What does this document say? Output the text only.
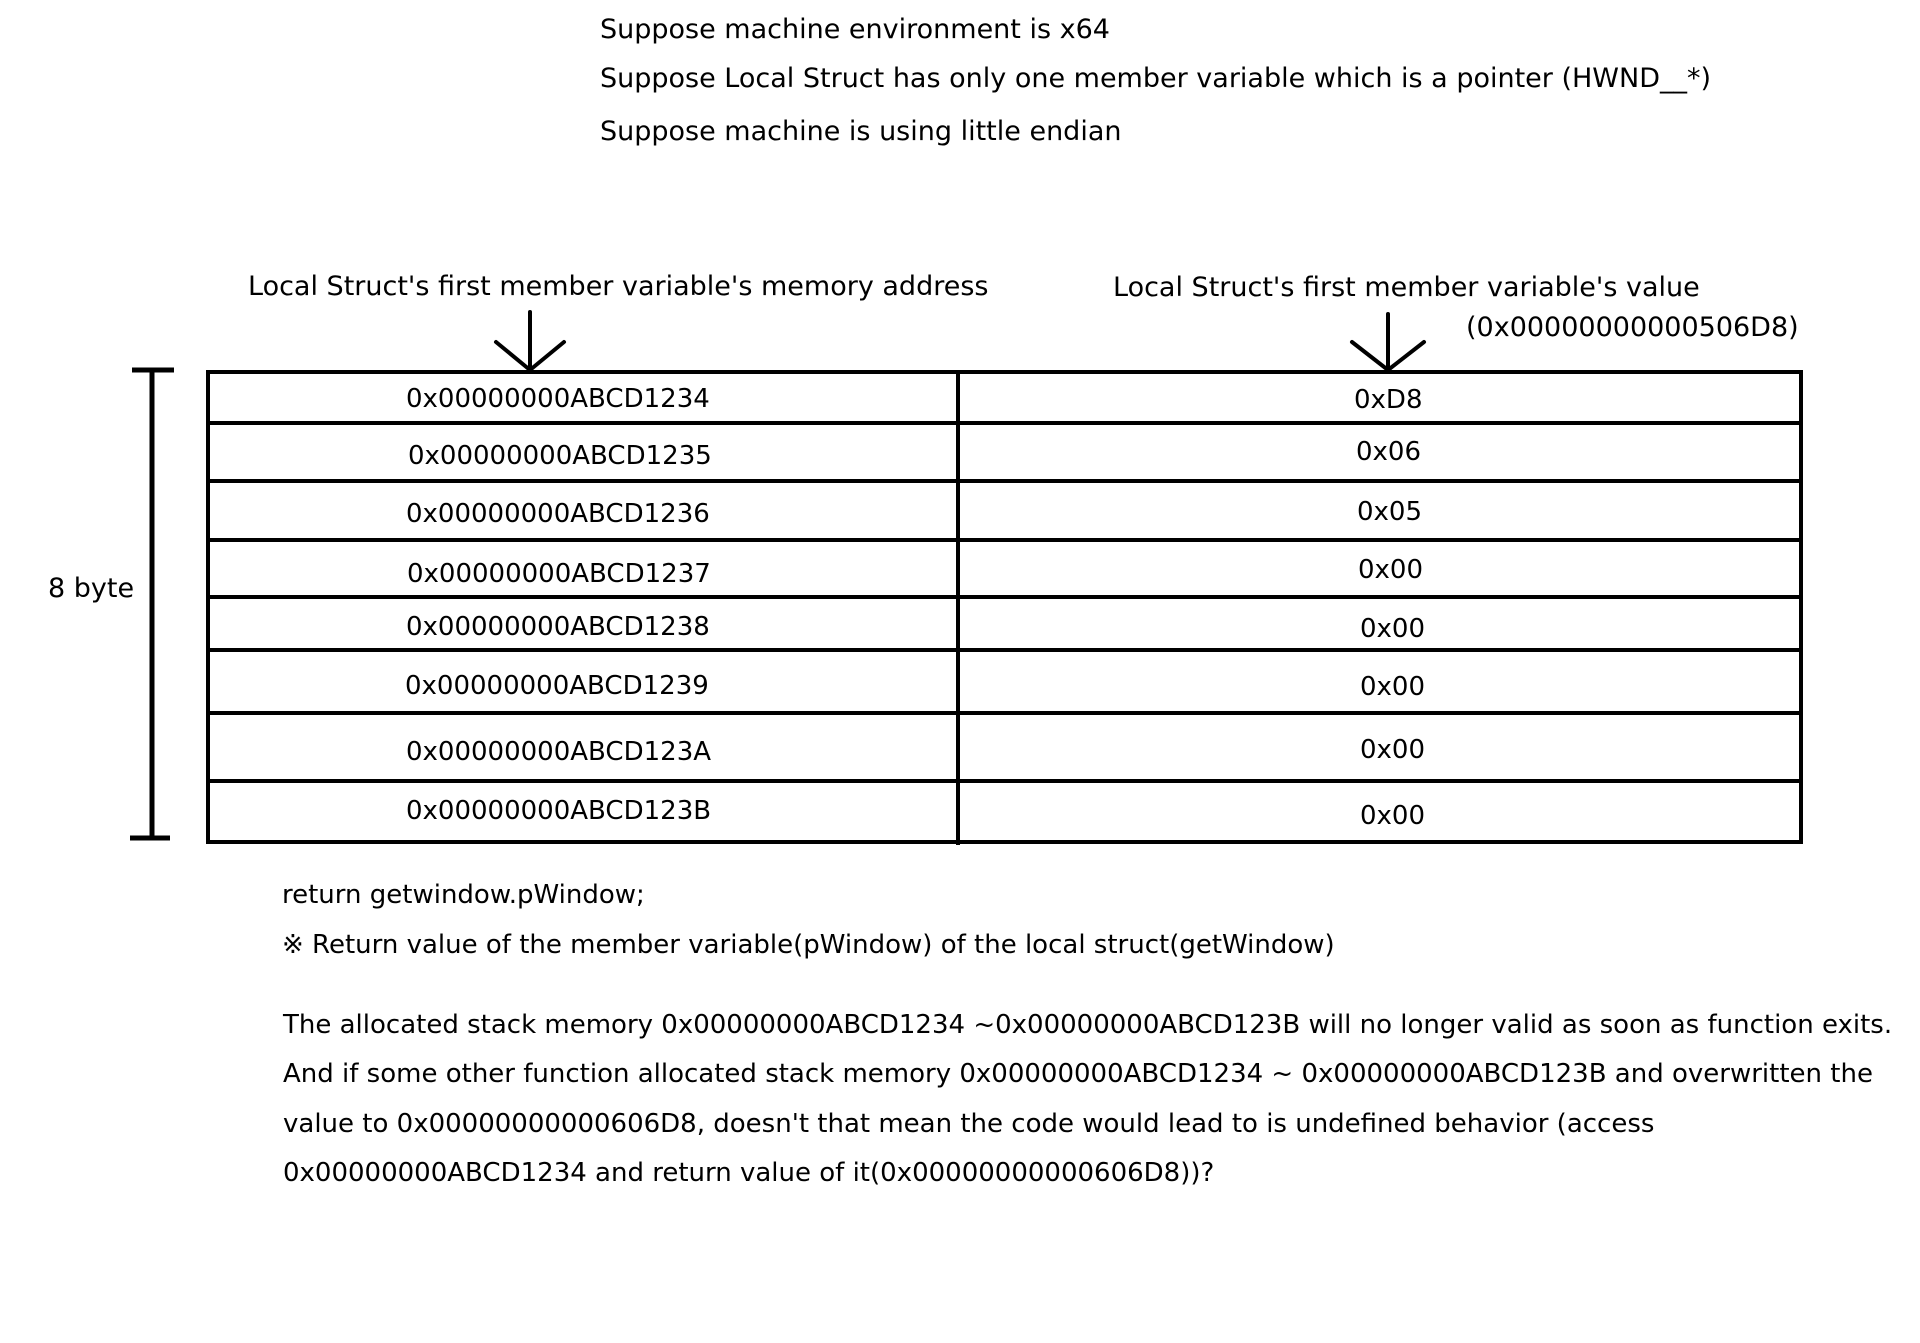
Suppose machine environment is x64
Suppose Local Struct has only one member variable which is a pointer (HWND__*)
Suppose machine is using little endian
Local Struct's first member variable's memory address	Local Struct's first member variable's value
(0x00000000000506D8)
8 byte
0x00000000ABCD1234
0x00000000ABCD1235
0x00000000ABCD1236
0x00000000ABCD1237
0x00000000ABCD1238
0x00000000ABCD1239
0x00000000ABCD123A
0x00000000ABCD123B
0xD8
0x06
0x05
0x00
0x00
0x00
0x00
0x00
return getwindow.pWindow;
※ Return value of the member variable(pWindow) of the local struct(getWindow)
The allocated stack memory 0x00000000ABCD1234 ~0x00000000ABCD123B will no longer valid as soon as function exits.
And if some other function allocated stack memory 0x00000000ABCD1234 ~ 0x00000000ABCD123B and overwritten the
value to 0x00000000000606D8, doesn't that mean the code would lead to is undefined behavior (access
0x00000000ABCD1234 and return value of it(0x00000000000606D8))?
